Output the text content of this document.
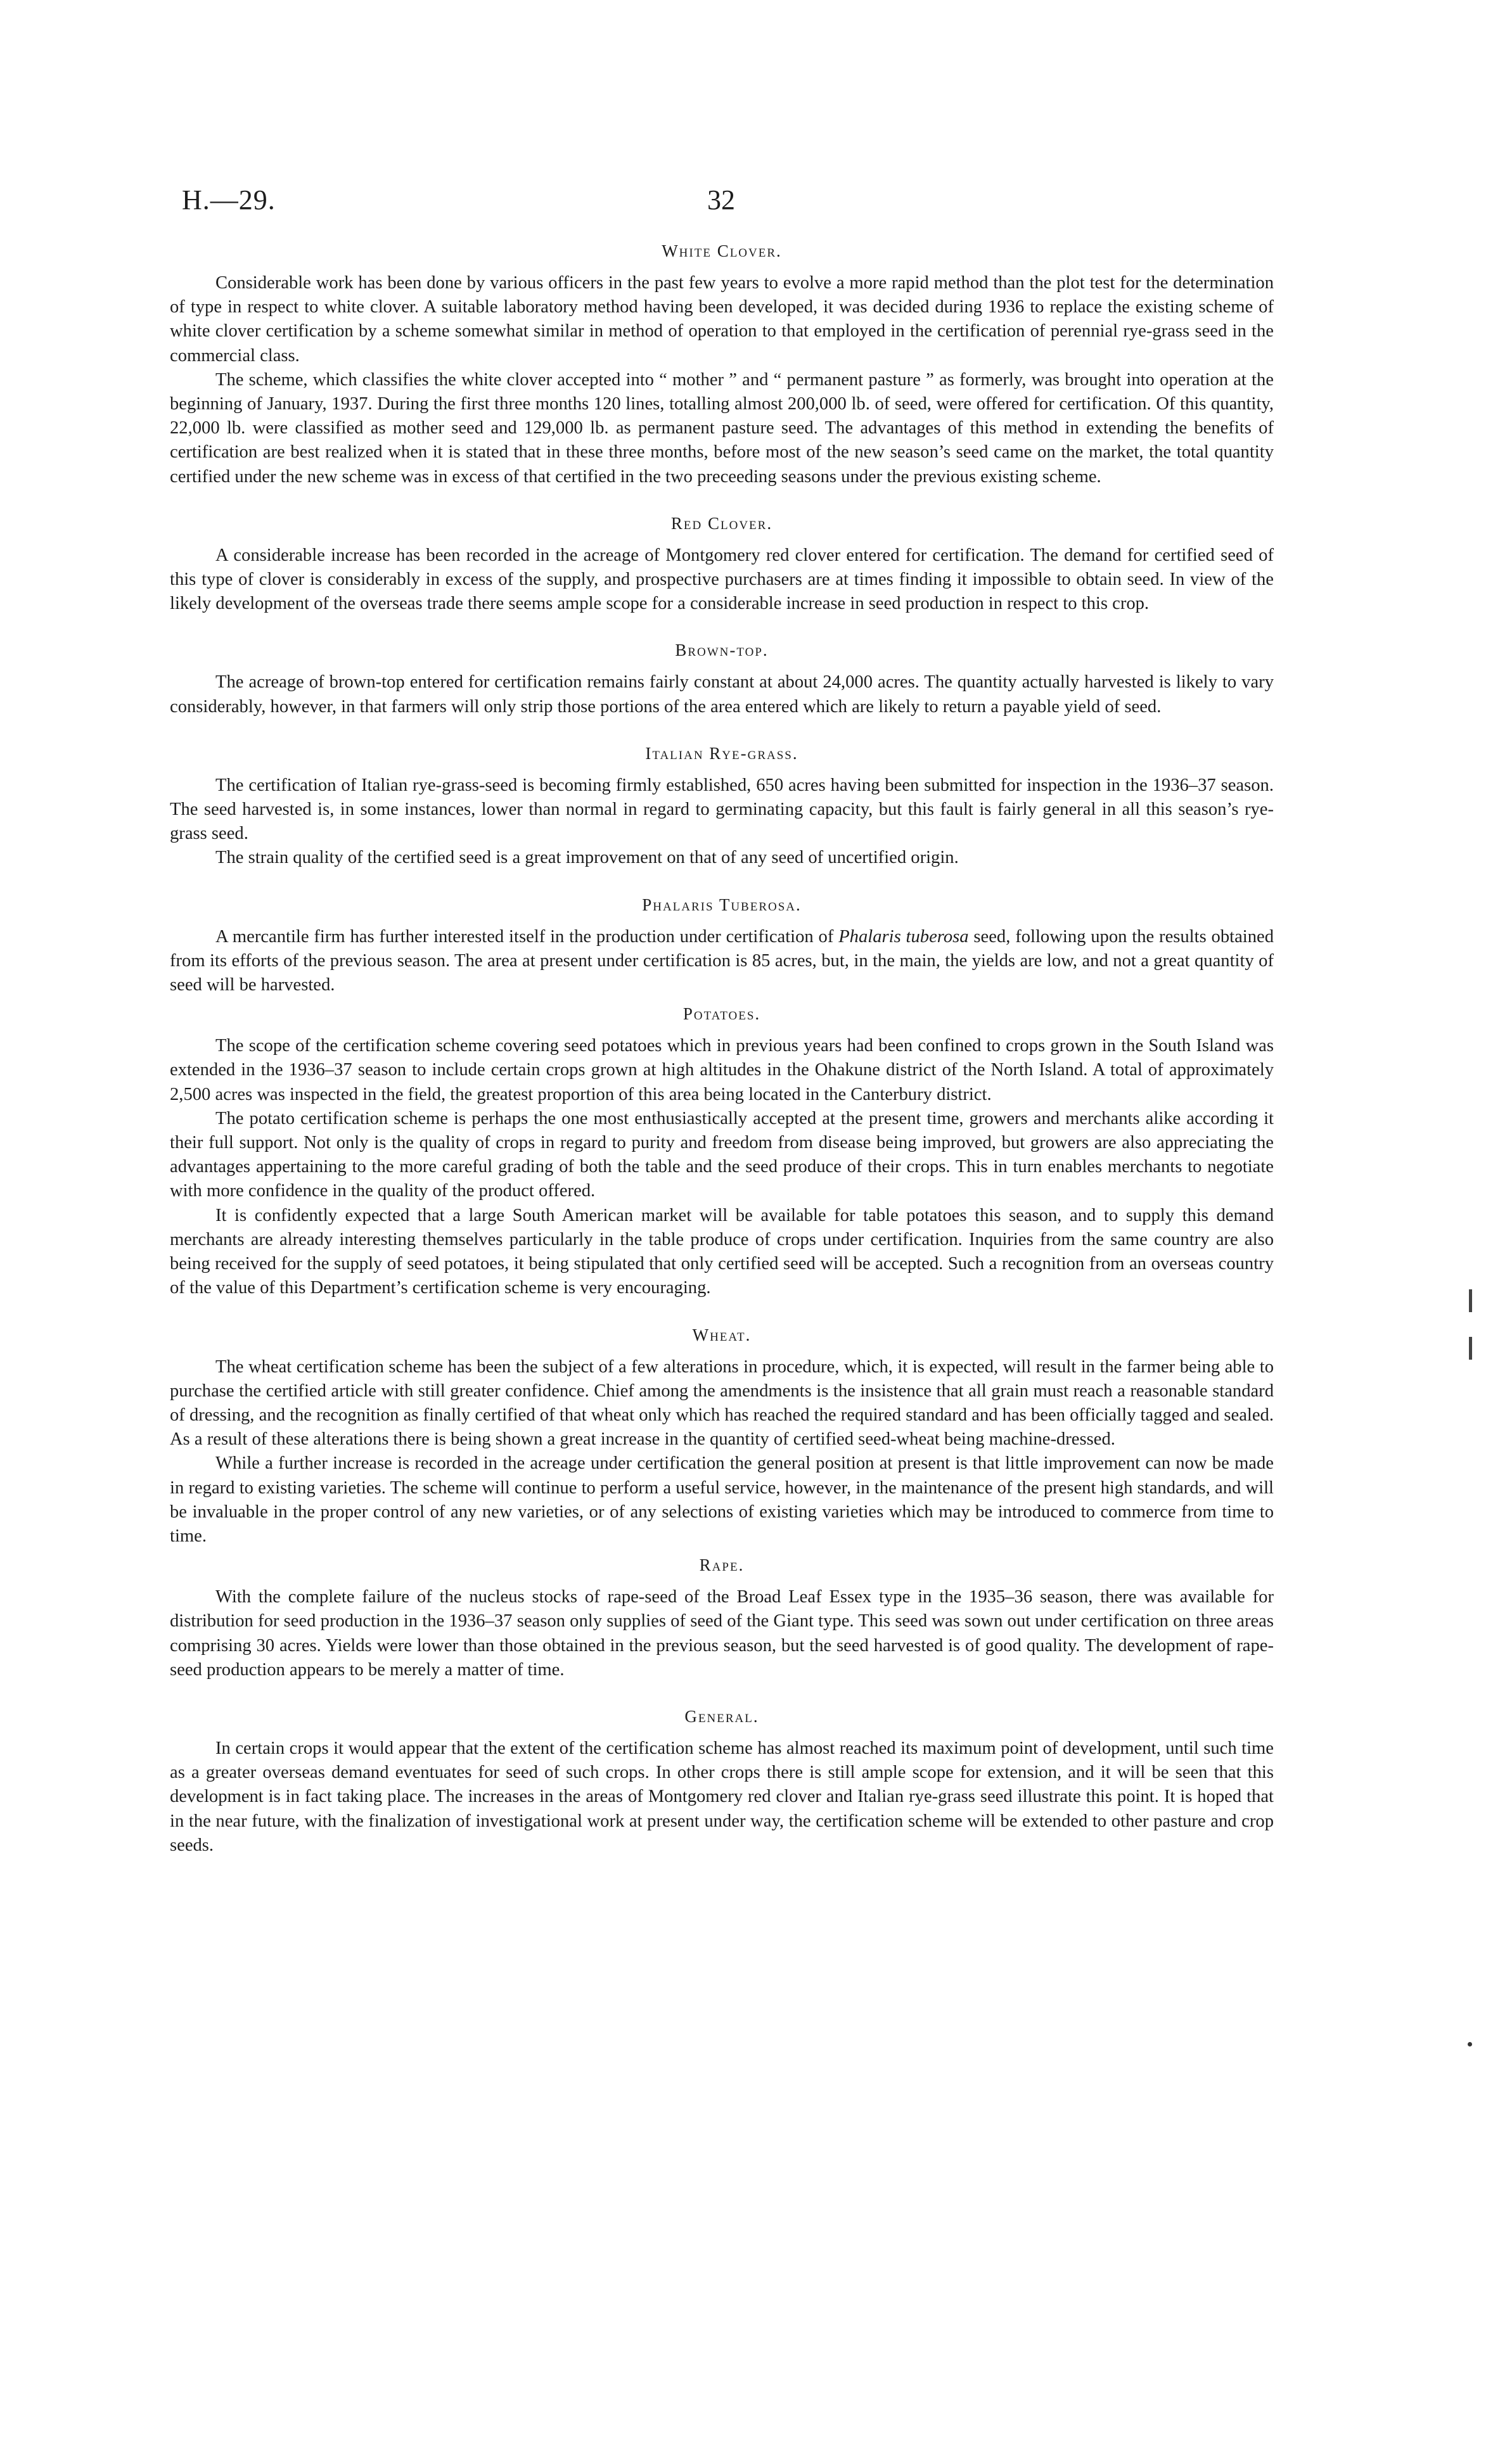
H.—29.	32
White Clover.

Considerable work has been done by various officers in the past few years to evolve a more rapid method than the plot test for the determination of type in respect to white clover. A suitable laboratory method having been developed, it was decided during 1936 to replace the existing scheme of white clover certification by a scheme somewhat similar in method of operation to that employed in the certification of perennial rye-grass seed in the commercial class.

The scheme, which classifies the white clover accepted into “ mother ” and “ permanent pasture ” as formerly, was brought into operation at the beginning of January, 1937. During the first three months 120 lines, totalling almost 200,000 lb. of seed, were offered for certification. Of this quantity, 22,000 lb. were classified as mother seed and 129,000 lb. as permanent pasture seed. The advantages of this method in extending the benefits of certification are best realized when it is stated that in these three months, before most of the new season’s seed came on the market, the total quantity certified under the new scheme was in excess of that certified in the two preceeding seasons under the previous existing scheme.

Red Clover.

A considerable increase has been recorded in the acreage of Montgomery red clover entered for certification. The demand for certified seed of this type of clover is considerably in excess of the supply, and prospective purchasers are at times finding it impossible to obtain seed. In view of the likely development of the overseas trade there seems ample scope for a considerable increase in seed production in respect to this crop.

Brown-top.

The acreage of brown-top entered for certification remains fairly constant at about 24,000 acres. The quantity actually harvested is likely to vary considerably, however, in that farmers will only strip those portions of the area entered which are likely to return a payable yield of seed.

Italian Rye-grass.

The certification of Italian rye-grass-seed is becoming firmly established, 650 acres having been submitted for inspection in the 1936–37 season. The seed harvested is, in some instances, lower than normal in regard to germinating capacity, but this fault is fairly general in all this season’s rye-grass seed.

The strain quality of the certified seed is a great improvement on that of any seed of uncertified origin.

Phalaris Tuberosa.

A mercantile firm has further interested itself in the production under certification of Phalaris tuberosa seed, following upon the results obtained from its efforts of the previous season. The area at present under certification is 85 acres, but, in the main, the yields are low, and not a great quantity of seed will be harvested.

Potatoes.

The scope of the certification scheme covering seed potatoes which in previous years had been confined to crops grown in the South Island was extended in the 1936–37 season to include certain crops grown at high altitudes in the Ohakune district of the North Island. A total of approximately 2,500 acres was inspected in the field, the greatest proportion of this area being located in the Canterbury district.

The potato certification scheme is perhaps the one most enthusiastically accepted at the present time, growers and merchants alike according it their full support. Not only is the quality of crops in regard to purity and freedom from disease being improved, but growers are also appreciating the advantages appertaining to the more careful grading of both the table and the seed produce of their crops. This in turn enables merchants to negotiate with more confidence in the quality of the product offered.

It is confidently expected that a large South American market will be available for table potatoes this season, and to supply this demand merchants are already interesting themselves particularly in the table produce of crops under certification. Inquiries from the same country are also being received for the supply of seed potatoes, it being stipulated that only certified seed will be accepted. Such a recognition from an overseas country of the value of this Department’s certification scheme is very encouraging.

Wheat.

The wheat certification scheme has been the subject of a few alterations in procedure, which, it is expected, will result in the farmer being able to purchase the certified article with still greater confidence. Chief among the amendments is the insistence that all grain must reach a reasonable standard of dressing, and the recognition as finally certified of that wheat only which has reached the required standard and has been officially tagged and sealed. As a result of these alterations there is being shown a great increase in the quantity of certified seed-wheat being machine-dressed.

While a further increase is recorded in the acreage under certification the general position at present is that little improvement can now be made in regard to existing varieties. The scheme will continue to perform a useful service, however, in the maintenance of the present high standards, and will be invaluable in the proper control of any new varieties, or of any selections of existing varieties which may be introduced to commerce from time to time.

Rape.

With the complete failure of the nucleus stocks of rape-seed of the Broad Leaf Essex type in the 1935–36 season, there was available for distribution for seed production in the 1936–37 season only supplies of seed of the Giant type. This seed was sown out under certification on three areas comprising 30 acres. Yields were lower than those obtained in the previous season, but the seed harvested is of good quality. The development of rape-seed production appears to be merely a matter of time.

General.

In certain crops it would appear that the extent of the certification scheme has almost reached its maximum point of development, until such time as a greater overseas demand eventuates for seed of such crops. In other crops there is still ample scope for extension, and it will be seen that this development is in fact taking place. The increases in the areas of Montgomery red clover and Italian rye-grass seed illustrate this point. It is hoped that in the near future, with the finalization of investigational work at present under way, the certification scheme will be extended to other pasture and crop seeds.
